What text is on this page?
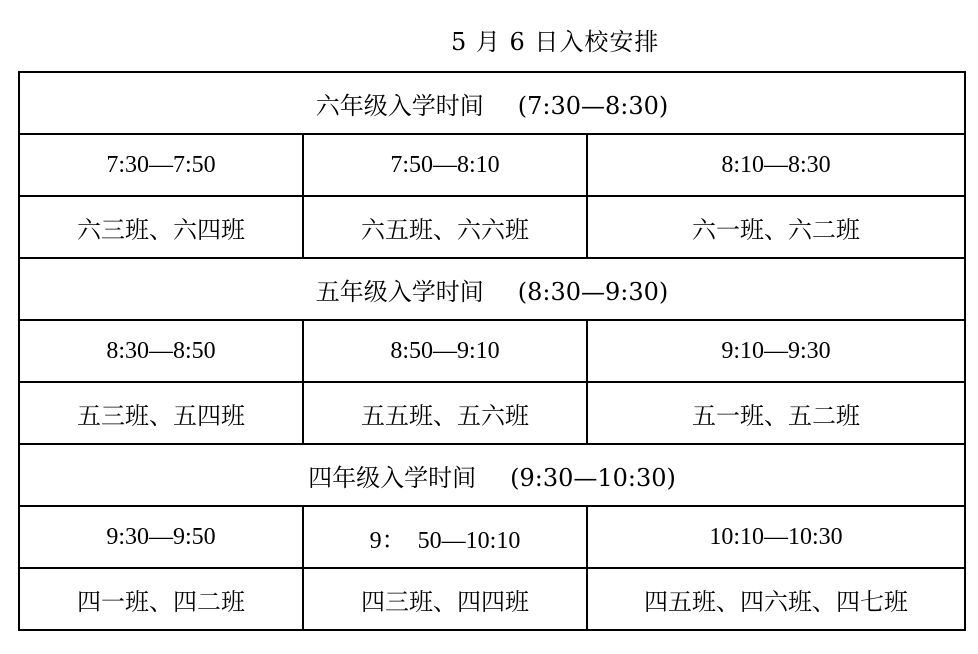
5 月 6 日入校安排
六年级入学时间 (7:30—8:30)		
7:30—7:50	7:50—8:10	8:10—8:30
六三班、六四班	六五班、六六班	六一班、六二班
五年级入学时间 (8:30—9:30)		
8:30—8:50	8:50—9:10	9:10—9:30
五三班、五四班	五五班、五六班	五一班、五二班
四年级入学时间 (9:30—10:30)		
9:30—9:50	9：  50—10:10	10:10—10:30
四一班、四二班	四三班、四四班	四五班、四六班、四七班
